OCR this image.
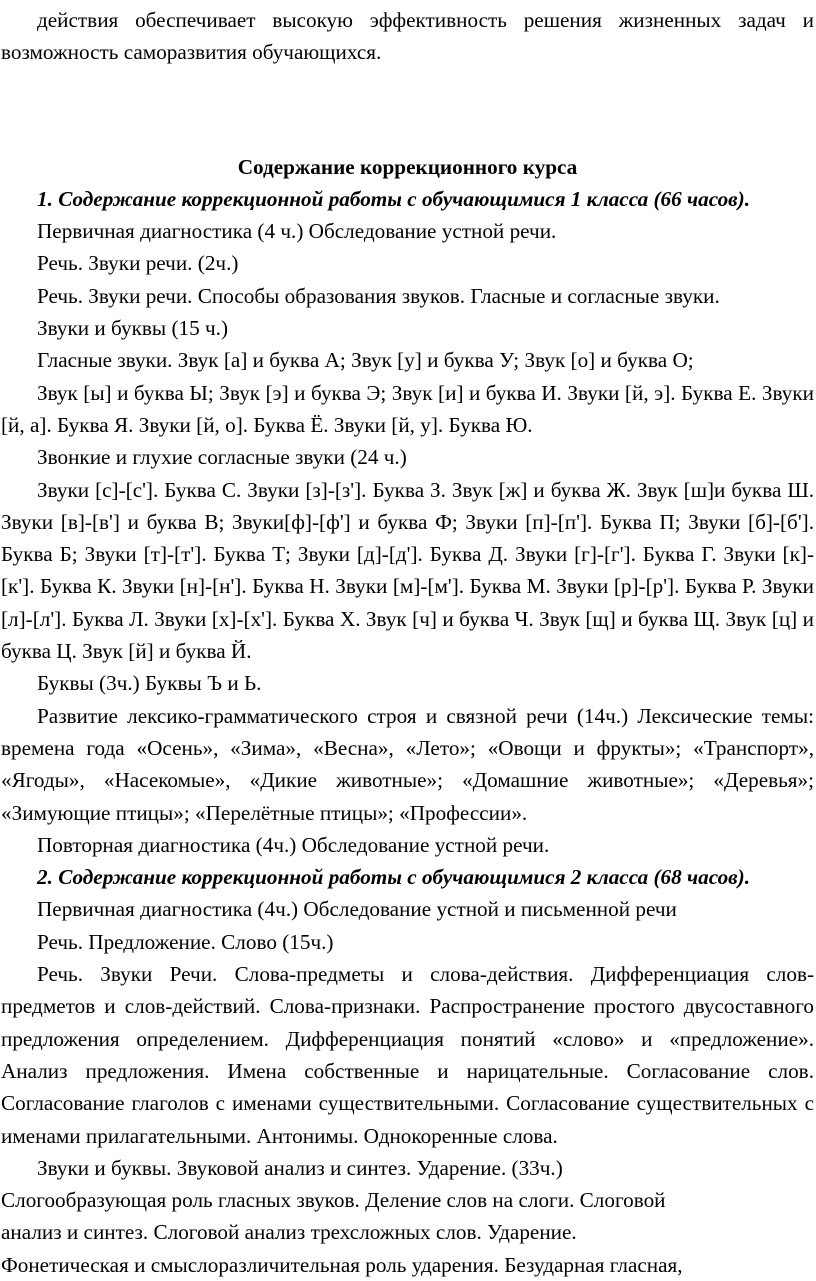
действия обеспечивает высокую эффективность решения жизненных задач и возможность саморазвития обучающихся.

Содержание коррекционного курса

1. Содержание коррекционной работы с обучающимися 1 класса (66 часов).

Первичная диагностика (4 ч.) Обследование устной речи.

Речь. Звуки речи. (2ч.)

Речь. Звуки речи. Способы образования звуков. Гласные и согласные звуки.

Звуки и буквы (15 ч.)

Гласные звуки. Звук [а] и буква А; Звук [у] и буква У; Звук [о] и буква О;

Звук [ы] и буква Ы; Звук [э] и буква Э; Звук [и] и буква И. Звуки [й, э]. Буква Е. Звуки [й, а]. Буква Я. Звуки [й, о]. Буква Ё. Звуки [й, у]. Буква Ю.

Звонкие и глухие согласные звуки (24 ч.)

Звуки [с]-[с']. Буква С. Звуки [з]-[з']. Буква З. Звук [ж] и буква Ж. Звук [ш]и буква Ш. Звуки [в]-[в'] и буква В; Звуки[ф]-[ф'] и буква Ф; Звуки [п]-[п']. Буква П; Звуки [б]-[б']. Буква Б; Звуки [т]-[т']. Буква Т; Звуки [д]-[д']. Буква Д. Звуки [г]-[г']. Буква Г. Звуки [к]-[к']. Буква К. Звуки [н]-[н']. Буква Н. Звуки [м]-[м']. Буква М. Звуки [р]-[р']. Буква Р. Звуки [л]-[л']. Буква Л. Звуки [х]-[х']. Буква Х. Звук [ч] и буква Ч. Звук [щ] и буква Щ. Звук [ц] и буква Ц. Звук [й] и буква Й.

Буквы (3ч.) Буквы Ъ и Ь.

Развитие лексико-грамматического строя и связной речи (14ч.) Лексические темы: времена года «Осень», «Зима», «Весна», «Лето»; «Овощи и фрукты»; «Транспорт», «Ягоды», «Насекомые», «Дикие животные»; «Домашние животные»; «Деревья»; «Зимующие птицы»; «Перелётные птицы»; «Профессии».

Повторная диагностика (4ч.) Обследование устной речи.

2. Содержание коррекционной работы с обучающимися 2 класса (68 часов).

Первичная диагностика (4ч.) Обследование устной и письменной речи

Речь. Предложение. Слово (15ч.)

Речь. Звуки Речи. Слова-предметы и слова-действия. Дифференциация слов-предметов и слов-действий. Слова-признаки. Распространение простого двусоставного предложения определением. Дифференциация понятий «слово» и «предложение». Анализ предложения. Имена собственные и нарицательные. Согласование слов. Согласование глаголов с именами существительными. Согласование существительных с именами прилагательными. Антонимы. Однокоренные слова.

Звуки и буквы. Звуковой анализ и синтез. Ударение. (33ч.)

Слогообразующая роль гласных звуков. Деление слов на слоги. Слоговой

анализ и синтез. Слоговой анализ трехсложных слов. Ударение.

Фонетическая и смыслоразличительная роль ударения. Безударная гласная,
